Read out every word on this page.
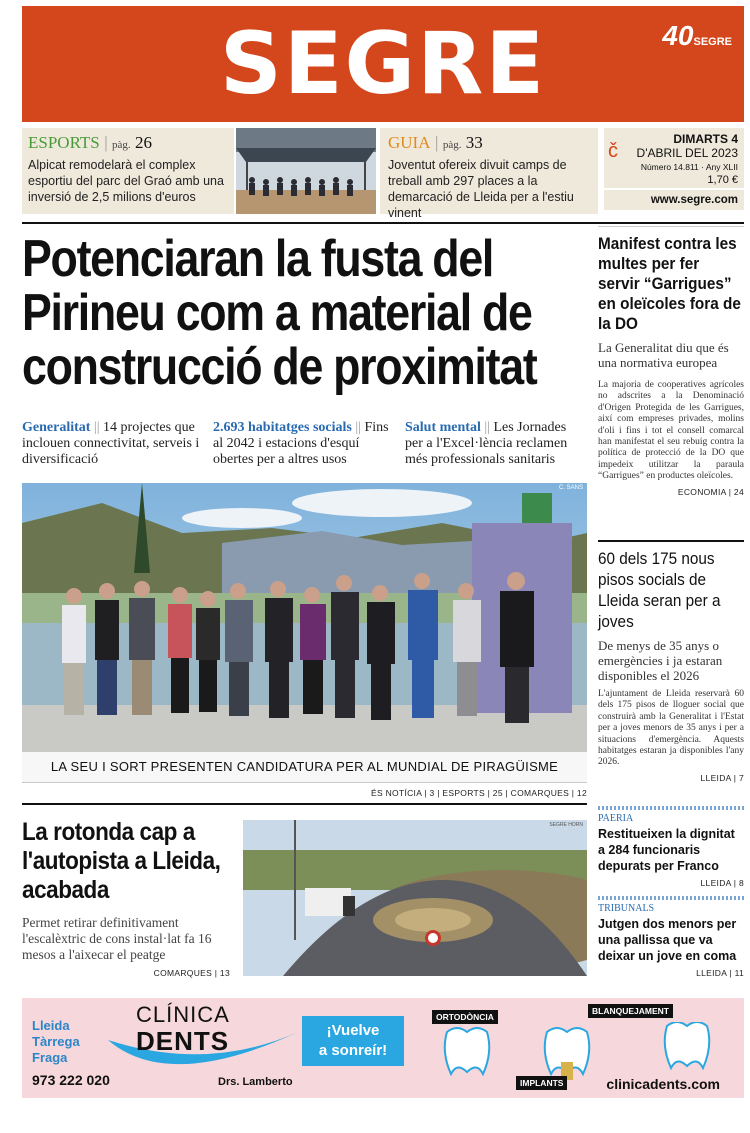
SEGRE	40SEGRE
ESPORTS | pàg. 26

Alpicat remodelarà el complex esportiu del parc del Graó amb una inversió de 2,5 milions d'euros

GUIA | pàg. 33

Joventut ofereix divuit camps de treball amb 297 places a la demarcació de Lleida per a l'estiu vinent

č
DIMARTS 4
D'ABRIL DEL 2023
Número 14.811 · Any XLII
1,70 €
www.segre.com
Potenciaran la fusta del Pirineu com a material de construcció de proximitat
Generalitat || 14 projectes que inclouen connectivitat, serveis i diversificació
2.693 habitatges socials || Fins al 2042 i estacions d'esquí obertes per a altres usos
Salut mental || Les Jornades per a l'Excel·lència reclamen més professionals sanitaris
C. SANS
LA SEU I SORT PRESENTEN CANDIDATURA PER AL MUNDIAL DE PIRAGÜISME
ÉS NOTÍCIA | 3 | ESPORTS | 25 | COMARQUES | 12
La rotonda cap a l'autopista a Lleida, acabada
Permet retirar definitivament l'escalèxtric de cons instal·lat fa 16 mesos a l'aixecar el peatge
COMARQUES | 13
SEGRE HORN
Manifest contra les multes per fer servir “Garrigues” en oleïcoles fora de la DO
La Generalitat diu que és una normativa europea
La majoria de cooperatives agrícoles no adscrites a la Denominació d'Origen Protegida de les Garrigues, així com empreses privades, molins d'oli i fins i tot el consell comarcal han manifestat el seu rebuig contra la política de protecció de la DO que impedeix utilitzar la paraula “Garrigues” en productes oleïcoles.
ECONOMIA | 24
60 dels 175 nous pisos socials de Lleida seran per a joves
De menys de 35 anys o emergències i ja estaran disponibles el 2026
L'ajuntament de Lleida reservarà 60 dels 175 pisos de lloguer social que construirà amb la Generalitat i l'Estat per a joves menors de 35 anys i per a situacions d'emergència. Aquests habitatges estaran ja disponibles l'any 2026.
LLEIDA | 7
PAERIA
Restitueixen la dignitat a 284 funcionaris depurats per Franco
LLEIDA | 8
TRIBUNALS
Jutgen dos menors per una pallissa que va deixar un jove en coma
LLEIDA | 11
Lleida
Tàrrega
Fraga
973 222 020
CLÍNICA
DENTS
Drs. Lamberto
¡Vuelve
a sonreír!
ORTODÒNCIA
BLANQUEJAMENT
IMPLANTS	clinicadents.com
